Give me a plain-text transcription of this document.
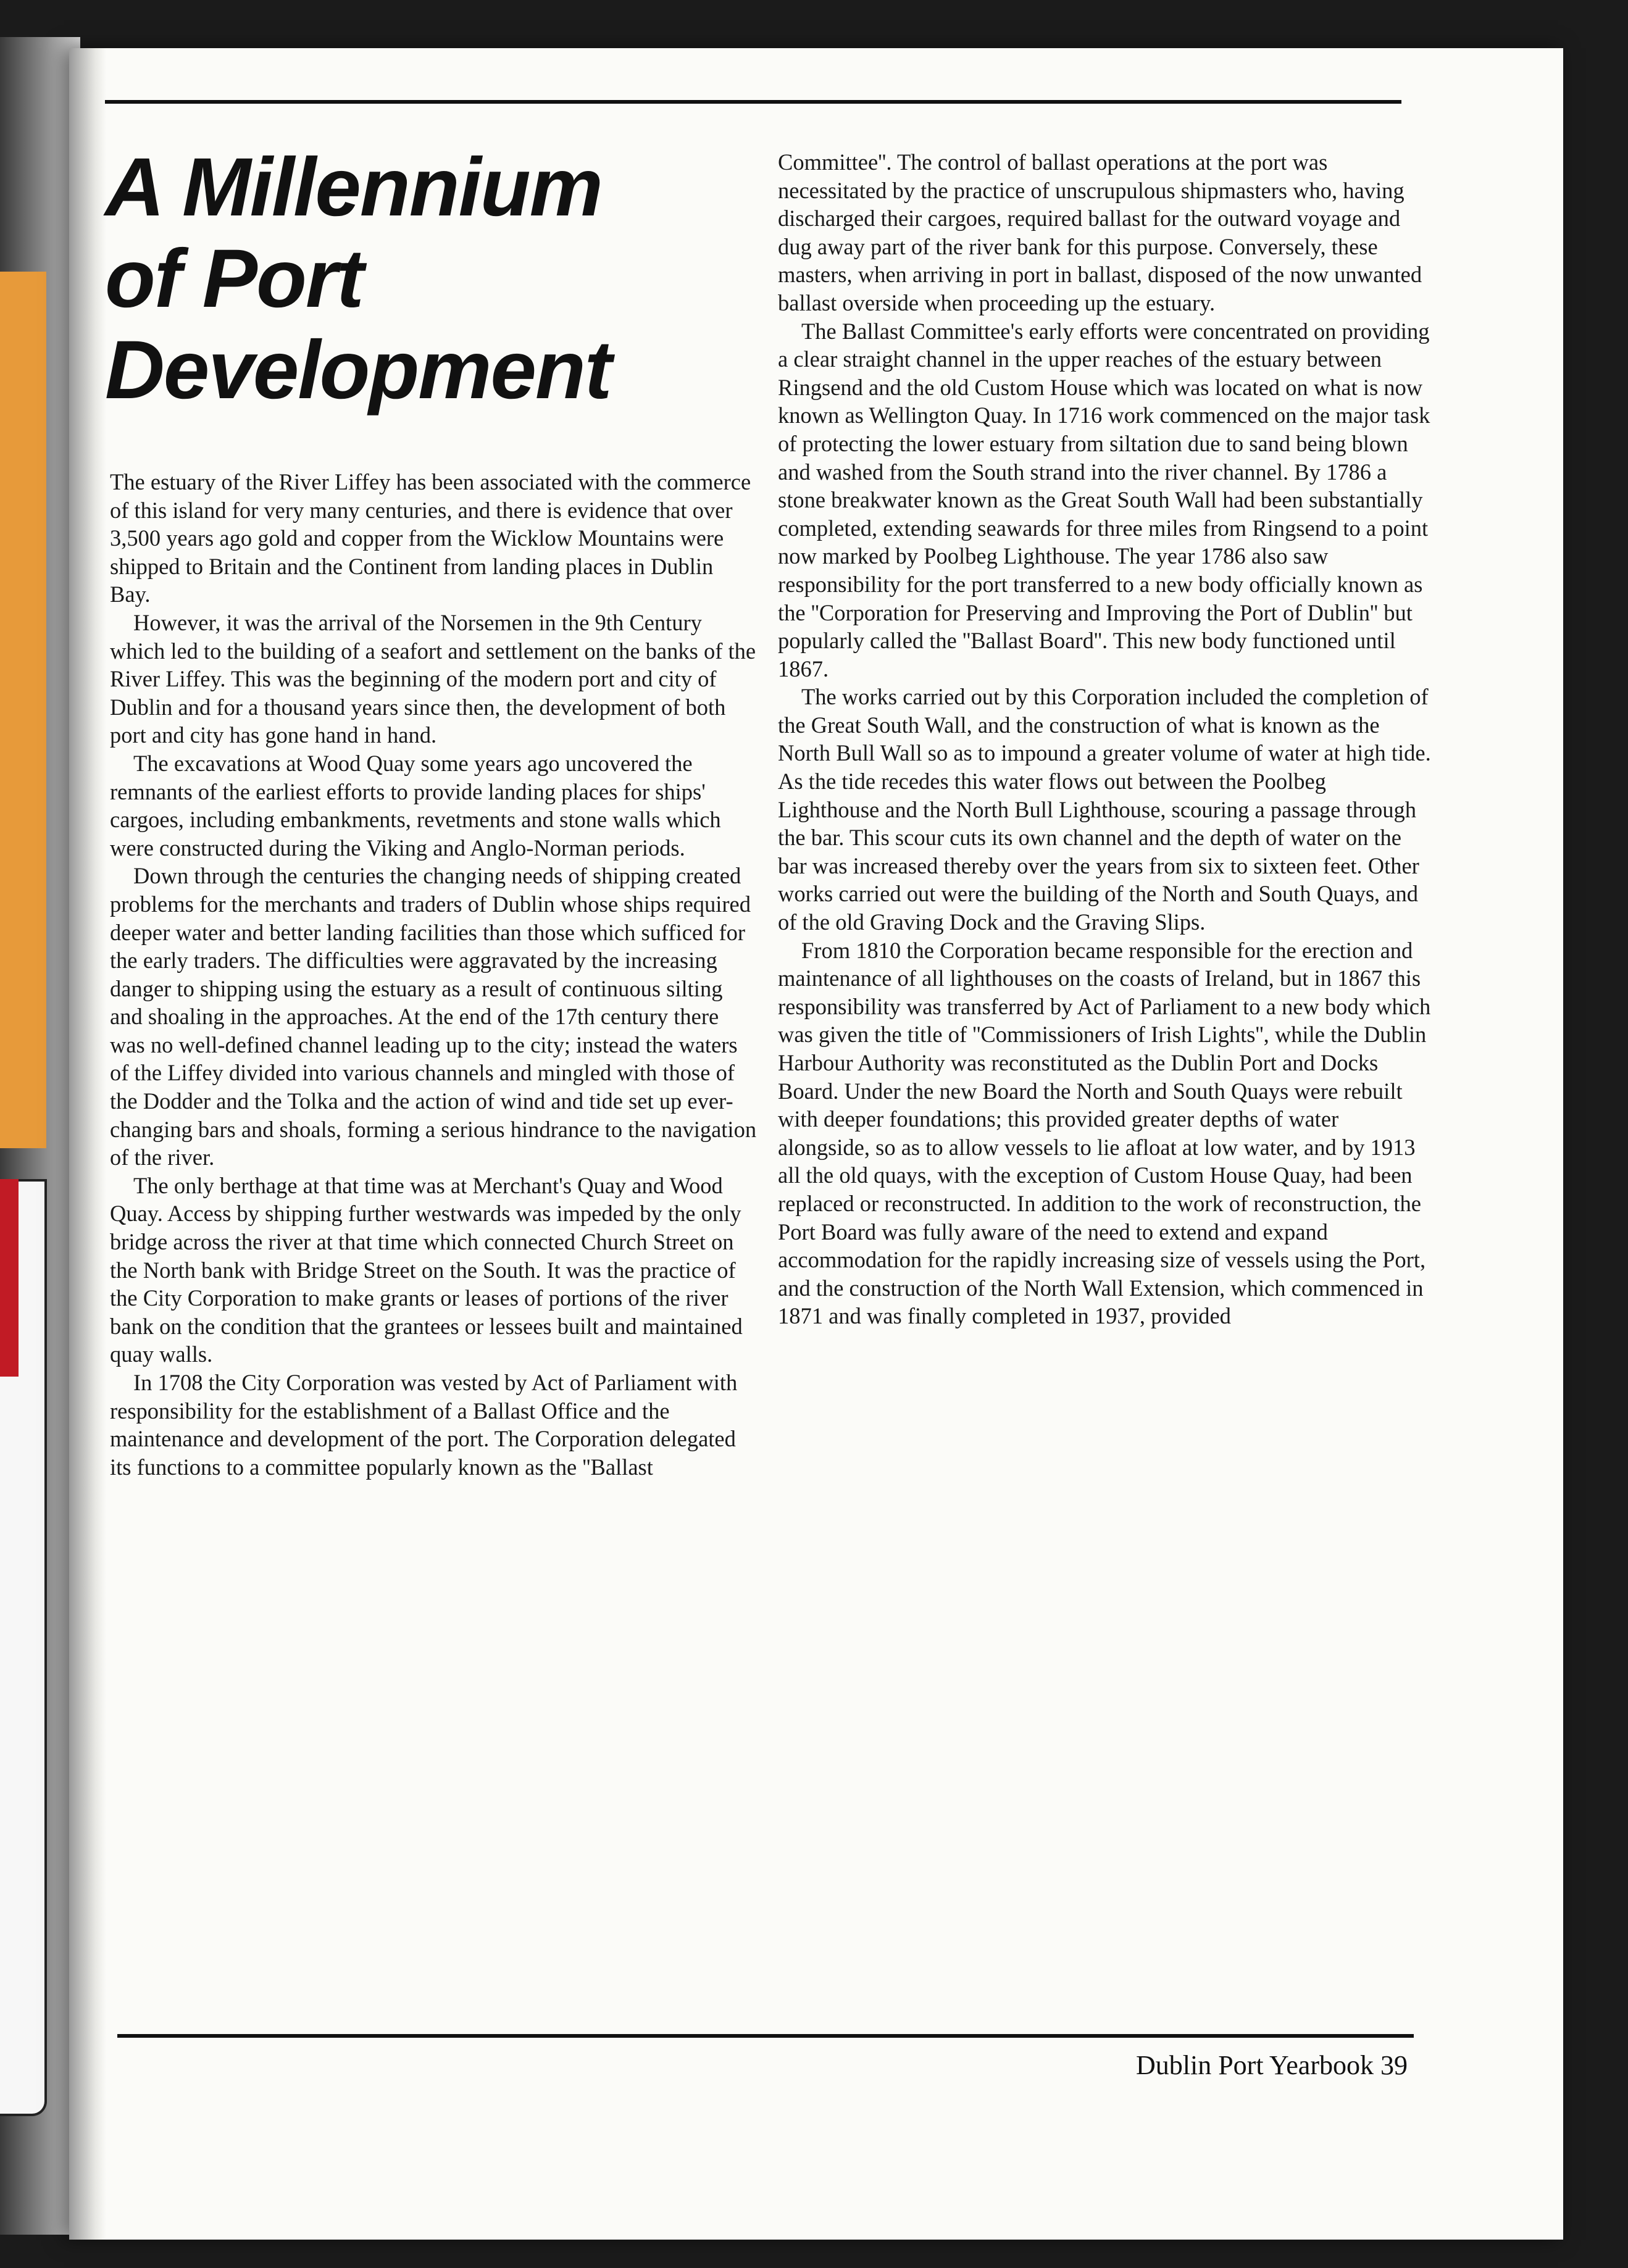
A Millennium
of Port
Development

The estuary of the River Liffey has been associated with the commerce of this island for very many centuries, and there is evidence that over 3,500 years ago gold and copper from the Wicklow Mountains were shipped to Britain and the Continent from landing places in Dublin Bay.

However, it was the arrival of the Norsemen in the 9th Century which led to the building of a seafort and settlement on the banks of the River Liffey. This was the beginning of the modern port and city of Dublin and for a thousand years since then, the development of both port and city has gone hand in hand.

The excavations at Wood Quay some years ago uncovered the remnants of the earliest efforts to provide landing places for ships' cargoes, including embankments, revetments and stone walls which were constructed during the Viking and Anglo-Norman periods.

Down through the centuries the changing needs of shipping created problems for the merchants and traders of Dublin whose ships required deeper water and better landing facilities than those which sufficed for the early traders. The difficulties were aggravated by the increasing danger to shipping using the estuary as a result of continuous silting and shoaling in the approaches. At the end of the 17th century there was no well-defined channel leading up to the city; instead the waters of the Liffey divided into various channels and mingled with those of the Dodder and the Tolka and the action of wind and tide set up ever-changing bars and shoals, forming a serious hindrance to the navigation of the river.

The only berthage at that time was at Merchant's Quay and Wood Quay. Access by shipping further westwards was impeded by the only bridge across the river at that time which connected Church Street on the North bank with Bridge Street on the South. It was the practice of the City Corporation to make grants or leases of portions of the river bank on the condition that the grantees or lessees built and maintained quay walls.

In 1708 the City Corporation was vested by Act of Parliament with responsibility for the establishment of a Ballast Office and the maintenance and development of the port. The Corporation delegated its functions to a committee popularly known as the ''Ballast

Committee''. The control of ballast operations at the port was necessitated by the practice of unscrupulous shipmasters who, having discharged their cargoes, required ballast for the outward voyage and dug away part of the river bank for this purpose. Conversely, these masters, when arriving in port in ballast, disposed of the now unwanted ballast overside when proceeding up the estuary.

The Ballast Committee's early efforts were concentrated on providing a clear straight channel in the upper reaches of the estuary between Ringsend and the old Custom House which was located on what is now known as Wellington Quay. In 1716 work commenced on the major task of protecting the lower estuary from siltation due to sand being blown and washed from the South strand into the river channel. By 1786 a stone breakwater known as the Great South Wall had been substantially completed, extending seawards for three miles from Ringsend to a point now marked by Poolbeg Lighthouse. The year 1786 also saw responsibility for the port transferred to a new body officially known as the ''Corporation for Preserving and Improving the Port of Dublin'' but popularly called the ''Ballast Board''. This new body functioned until 1867.

The works carried out by this Corporation included the completion of the Great South Wall, and the construction of what is known as the North Bull Wall so as to impound a greater volume of water at high tide. As the tide recedes this water flows out between the Poolbeg Lighthouse and the North Bull Lighthouse, scouring a passage through the bar. This scour cuts its own channel and the depth of water on the bar was increased thereby over the years from six to sixteen feet. Other works carried out were the building of the North and South Quays, and of the old Graving Dock and the Graving Slips.

From 1810 the Corporation became responsible for the erection and maintenance of all lighthouses on the coasts of Ireland, but in 1867 this responsibility was transferred by Act of Parliament to a new body which was given the title of ''Commissioners of Irish Lights'', while the Dublin Harbour Authority was reconstituted as the Dublin Port and Docks Board. Under the new Board the North and South Quays were rebuilt with deeper foundations; this provided greater depths of water alongside, so as to allow vessels to lie afloat at low water, and by 1913 all the old quays, with the exception of Custom House Quay, had been replaced or reconstructed. In addition to the work of reconstruction, the Port Board was fully aware of the need to extend and expand accommodation for the rapidly increasing size of vessels using the Port, and the construction of the North Wall Extension, which commenced in 1871 and was finally completed in 1937, provided

Dublin Port Yearbook 39
